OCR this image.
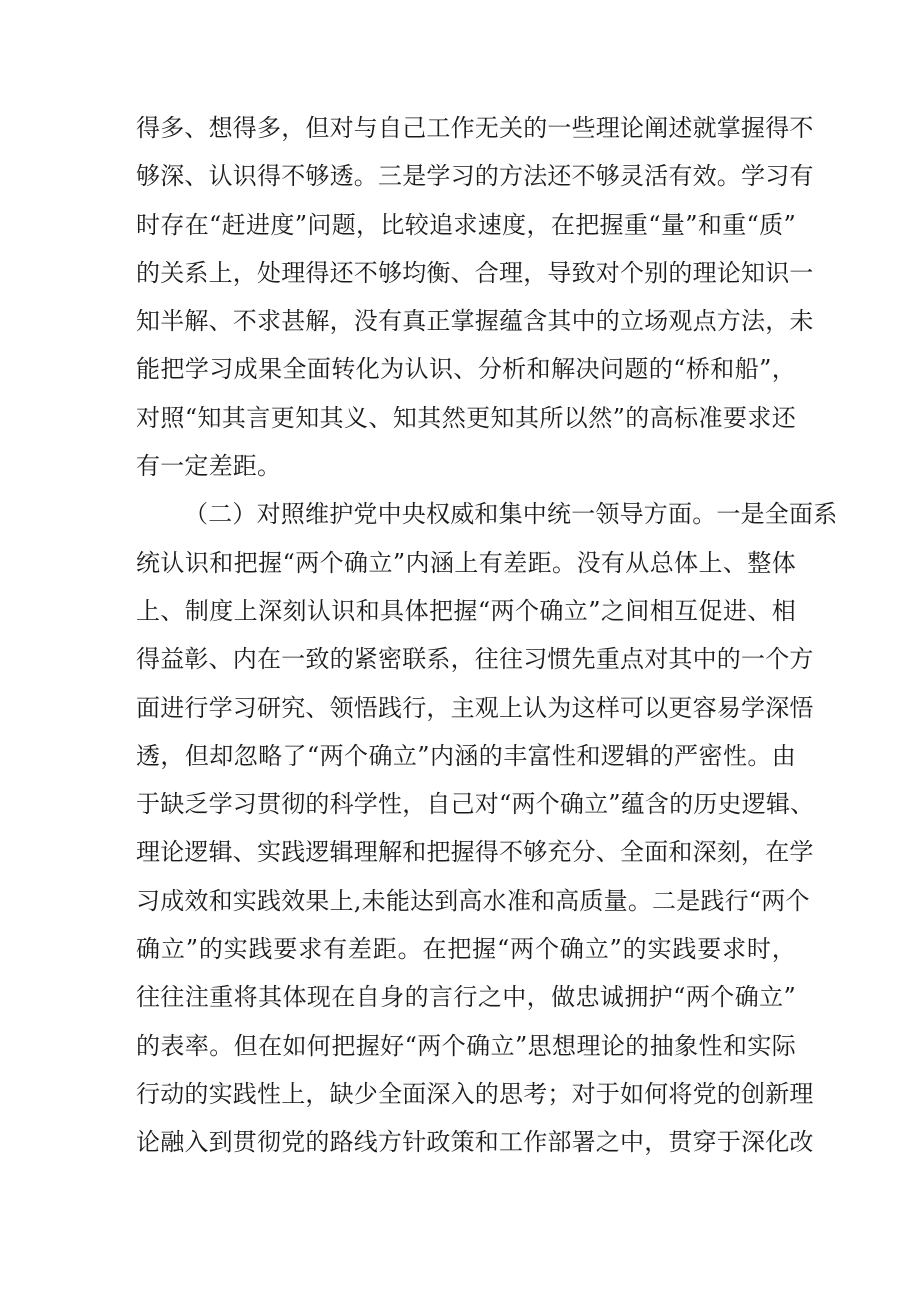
得多、想得多，但对与自己工作无关的一些理论阐述就掌握得不
够深、认识得不够透。三是学习的方法还不够灵活有效。学习有
时存在“赶进度”问题，比较追求速度，在把握重“量”和重“质”
的关系上，处理得还不够均衡、合理，导致对个别的理论知识一
知半解、不求甚解，没有真正掌握蕴含其中的立场观点方法，未
能把学习成果全面转化为认识、分析和解决问题的“桥和船”，
对照“知其言更知其义、知其然更知其所以然”的高标准要求还
有一定差距。
（二）对照维护党中央权威和集中统一领导方面。一是全面系
统认识和把握“两个确立”内涵上有差距。没有从总体上、整体
上、制度上深刻认识和具体把握“两个确立”之间相互促进、相
得益彰、内在一致的紧密联系，往往习惯先重点对其中的一个方
面进行学习研究、领悟践行，主观上认为这样可以更容易学深悟
透，但却忽略了“两个确立”内涵的丰富性和逻辑的严密性。由
于缺乏学习贯彻的科学性，自己对“两个确立”蕴含的历史逻辑、
理论逻辑、实践逻辑理解和把握得不够充分、全面和深刻，在学
习成效和实践效果上,未能达到高水准和高质量。二是践行“两个
确立”的实践要求有差距。在把握“两个确立”的实践要求时，
往往注重将其体现在自身的言行之中，做忠诚拥护“两个确立”
的表率。但在如何把握好“两个确立”思想理论的抽象性和实际
行动的实践性上，缺少全面深入的思考；对于如何将党的创新理
论融入到贯彻党的路线方针政策和工作部署之中，贯穿于深化改
